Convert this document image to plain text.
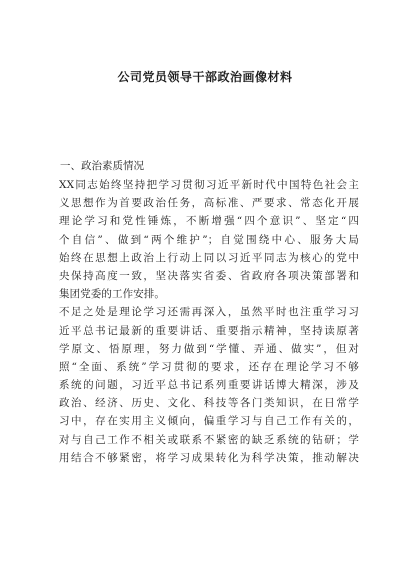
公司党员领导干部政治画像材料

一、政治素质情况

XX同志始终坚持把学习贯彻习近平新时代中国特色社会主
义思想作为首要政治任务，高标准、严要求、常态化开展
理论学习和党性锤炼，不断增强“四个意识”、坚定“四
个自信”、做到“两个维护”；自觉围绕中心、服务大局
始终在思想上政治上行动上同以习近平同志为核心的党中
央保持高度一致，坚决落实省委、省政府各项决策部署和
集团党委的工作安排。
不足之处是理论学习还需再深入，虽然平时也注重学习习
近平总书记最新的重要讲话、重要指示精神，坚持读原著
学原文、悟原理，努力做到“学懂、弄通、做实”，但对
照“全面、系统”学习贯彻的要求，还存在理论学习不够
系统的问题，习近平总书记系列重要讲话博大精深，涉及
政治、经济、历史、文化、科技等各门类知识，在日常学
习中，存在实用主义倾向，偏重学习与自己工作有关的，
对与自己工作不相关或联系不紧密的缺乏系统的钻研；学
用结合不够紧密，将学习成果转化为科学决策，推动解决
